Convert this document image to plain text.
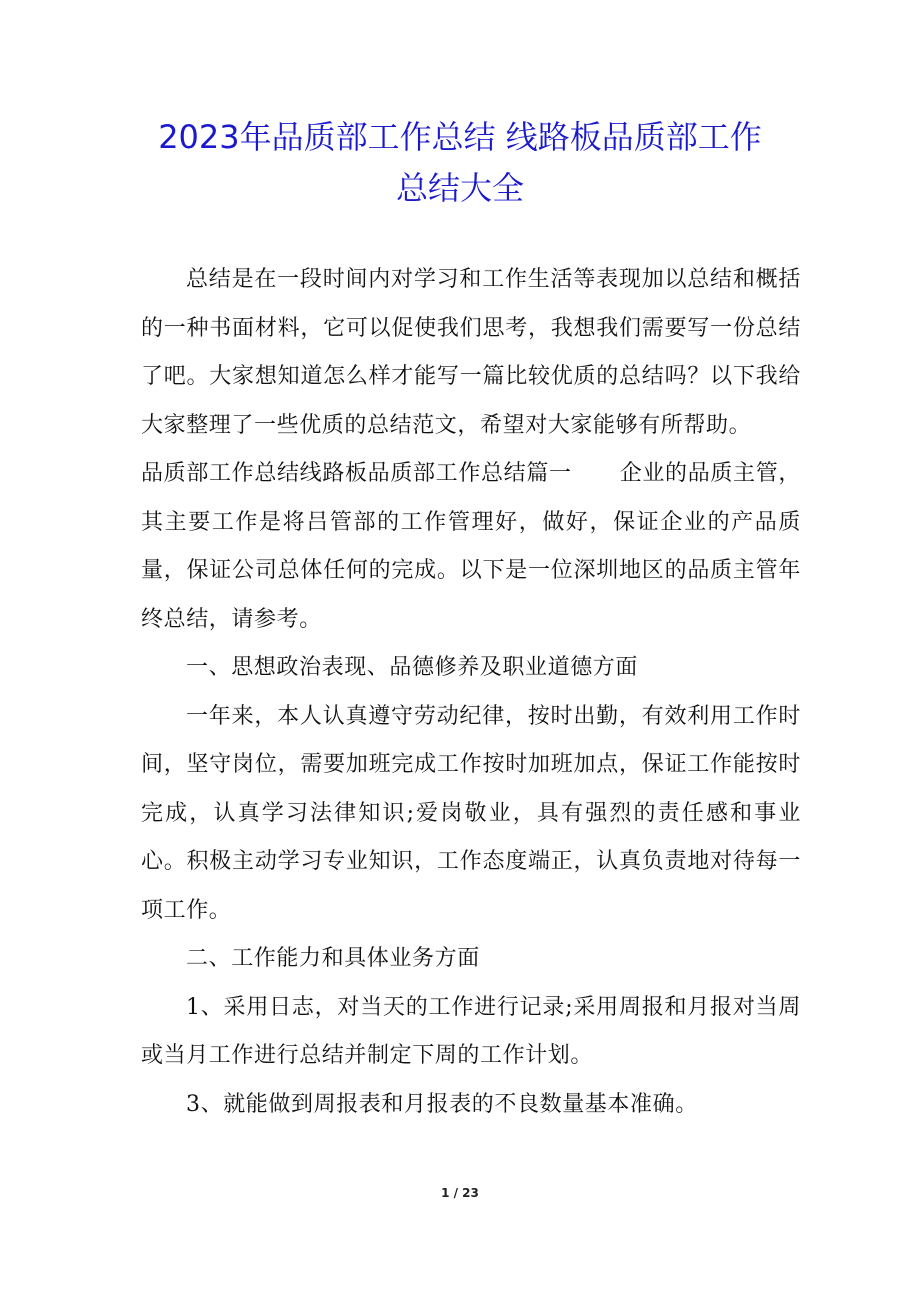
2023年品质部工作总结 线路板品质部工作
总结大全

总结是在一段时间内对学习和工作生活等表现加以总结和概括的一种书面材料，它可以促使我们思考，我想我们需要写一份总结了吧。大家想知道怎么样才能写一篇比较优质的总结吗？以下我给大家整理了一些优质的总结范文，希望对大家能够有所帮助。

品质部工作总结线路板品质部工作总结篇一 企业的品质主管，其主要工作是将吕管部的工作管理好，做好，保证企业的产品质量，保证公司总体任何的完成。以下是一位深圳地区的品质主管年终总结，请参考。

一、思想政治表现、品德修养及职业道德方面

一年来，本人认真遵守劳动纪律，按时出勤，有效利用工作时间，坚守岗位，需要加班完成工作按时加班加点，保证工作能按时完成，认真学习法律知识;爱岗敬业，具有强烈的责任感和事业心。积极主动学习专业知识，工作态度端正，认真负责地对待每一项工作。

二、工作能力和具体业务方面

1、采用日志，对当天的工作进行记录;采用周报和月报对当周或当月工作进行总结并制定下周的工作计划。

3、就能做到周报表和月报表的不良数量基本准确。

1 / 23
